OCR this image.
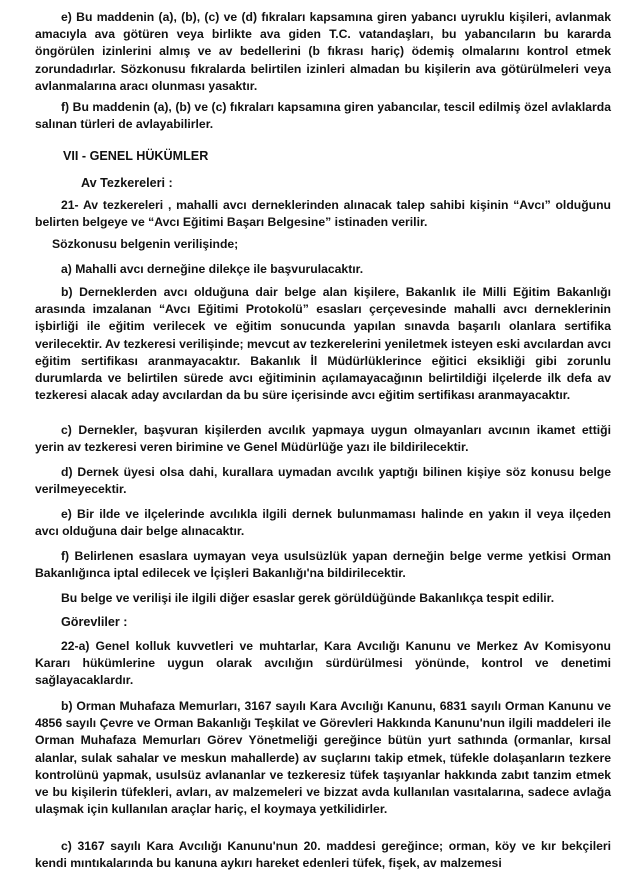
e) Bu maddenin (a), (b), (c) ve (d) fıkraları kapsamına giren yabancı uyruklu kişileri, avlanmak amacıyla ava götüren veya birlikte ava giden T.C. vatandaşları, bu yabancıların bu kararda öngörülen izinlerini almış ve av bedellerini (b fıkrası hariç) ödemiş olmalarını kontrol etmek zorundadırlar. Sözkonusu fıkralarda belirtilen izinleri almadan bu kişilerin ava götürülmeleri veya avlanmalarına aracı olunması yasaktır.

f) Bu maddenin (a), (b) ve (c) fıkraları kapsamına giren yabancılar, tescil edilmiş özel avlaklarda salınan türleri de avlayabilirler.

VII - GENEL HÜKÜMLER

Av Tezkereleri :

21- Av tezkereleri , mahalli avcı derneklerinden alınacak talep sahibi kişinin “Avcı” olduğunu belirten belgeye ve “Avcı Eğitimi Başarı Belgesine” istinaden verilir.

Sözkonusu belgenin verilişinde;

a) Mahalli avcı derneğine dilekçe ile başvurulacaktır.

b) Derneklerden avcı olduğuna dair belge alan kişilere, Bakanlık ile Milli Eğitim Bakanlığı arasında imzalanan “Avcı Eğitimi Protokolü” esasları çerçevesinde mahalli avcı derneklerinin işbirliği ile eğitim verilecek ve eğitim sonucunda yapılan sınavda başarılı olanlara sertifika verilecektir. Av tezkeresi verilişinde; mevcut av tezkerelerini yeniletmek isteyen eski avcılardan avcı eğitim sertifikası aranmayacaktır. Bakanlık İl Müdürlüklerince eğitici eksikliği gibi zorunlu durumlarda ve belirtilen sürede avcı eğitiminin açılamayacağının belirtildiği ilçelerde ilk defa av tezkeresi alacak aday avcılardan da bu süre içerisinde avcı eğitim sertifikası aranmayacaktır.

c) Dernekler, başvuran kişilerden avcılık yapmaya uygun olmayanları avcının ikamet ettiği yerin av tezkeresi veren birimine ve Genel Müdürlüğe yazı ile bildirilecektir.

d) Dernek üyesi olsa dahi, kurallara uymadan avcılık yaptığı bilinen kişiye söz konusu belge verilmeyecektir.

e) Bir ilde ve ilçelerinde avcılıkla ilgili dernek bulunmaması halinde en yakın il veya ilçeden avcı olduğuna dair belge alınacaktır.

f) Belirlenen esaslara uymayan veya usulsüzlük yapan derneğin belge verme yetkisi Orman Bakanlığınca iptal edilecek ve İçişleri Bakanlığı'na bildirilecektir.

Bu belge ve verilişi ile ilgili diğer esaslar gerek görüldüğünde Bakanlıkça tespit edilir.

Görevliler :

22-a) Genel kolluk kuvvetleri ve muhtarlar, Kara Avcılığı Kanunu ve Merkez Av Komisyonu Kararı hükümlerine uygun olarak avcılığın sürdürülmesi yönünde, kontrol ve denetimi sağlayacaklardır.

b) Orman Muhafaza Memurları, 3167 sayılı Kara Avcılığı Kanunu, 6831 sayılı Orman Kanunu ve 4856 sayılı Çevre ve Orman Bakanlığı Teşkilat ve Görevleri Hakkında Kanunu'nun ilgili maddeleri ile Orman Muhafaza Memurları Görev Yönetmeliği gereğince bütün yurt sathında (ormanlar, kırsal alanlar, sulak sahalar ve meskun mahallerde) av suçlarını takip etmek, tüfekle dolaşanların tezkere kontrolünü yapmak, usulsüz avlananlar ve tezkeresiz tüfek taşıyanlar hakkında zabıt tanzim etmek ve bu kişilerin tüfekleri, avları, av malzemeleri ve bizzat avda kullanılan vasıtalarına, sadece avlağa ulaşmak için kullanılan araçlar hariç, el koymaya yetkilidirler.

c) 3167 sayılı Kara Avcılığı Kanunu'nun 20. maddesi gereğince; orman, köy ve kır bekçileri kendi mıntıkalarında bu kanuna aykırı hareket edenleri tüfek, fişek, av malzemesi
